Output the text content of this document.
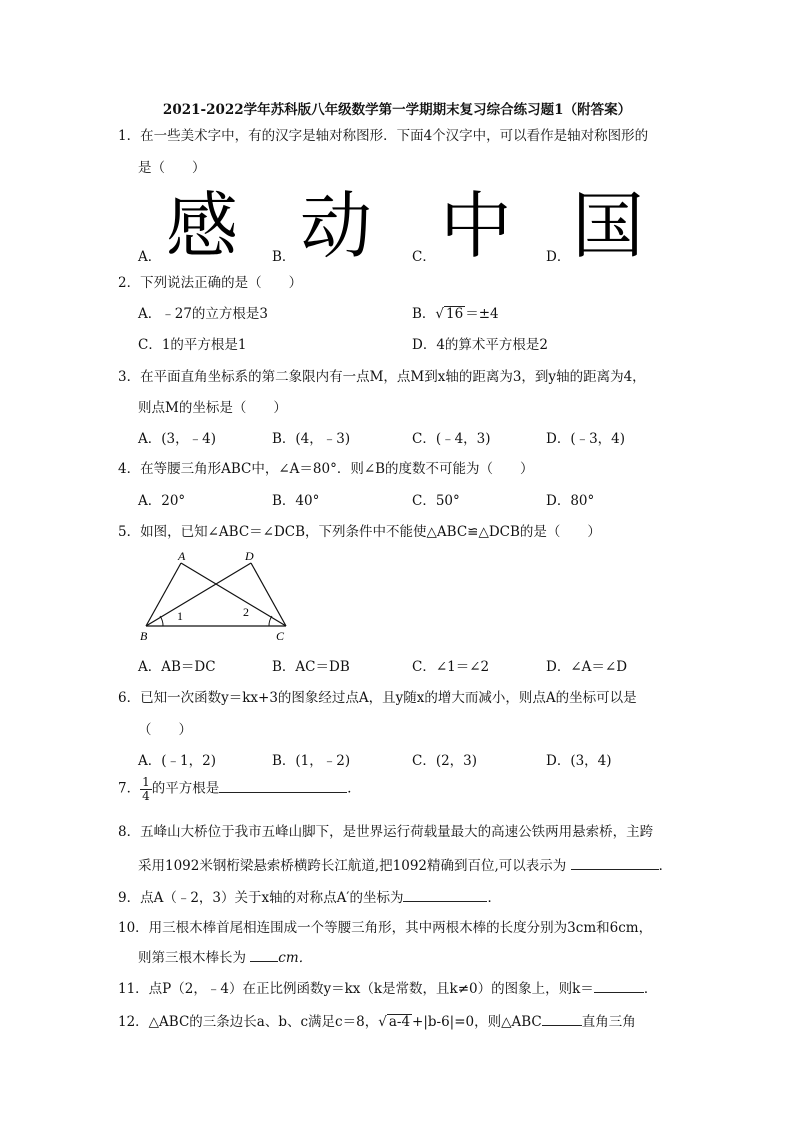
2021-2022学年苏科版八年级数学第一学期期末复习综合练习题1（附答案）
1．在一些美术字中，有的汉字是轴对称图形．下面4个汉字中，可以看作是轴对称图形的
是（　　）
A． 感	B． 动	C． 中	D． 国
2．下列说法正确的是（　　）
A．﹣27的立方根是3	B．√ 16 ＝±4
C．1的平方根是1	D．4的算术平方根是2
3．在平面直角坐标系的第二象限内有一点M，点M到x轴的距离为3，到y轴的距离为4，
则点M的坐标是（　　）
A．(3，﹣4)	B．(4，﹣3)	C．(﹣4，3)	D．(﹣3，4)
4．在等腰三角形ABC中，∠A＝80°．则∠B的度数不可能为（　　）
A．20°	B．40°	C．50°	D．80°
5．如图，已知∠ABC＝∠DCB，下列条件中不能使△ABC≌△DCB的是（　　）
A	D
B	C
1	2
A．AB＝DC	B．AC＝DB	C．∠1＝∠2	D．∠A＝∠D
6．已知一次函数y＝kx+3的图象经过点A，且y随x的增大而减小，则点A的坐标可以是
（　　）
A．(﹣1，2)	B．(1，﹣2)	C．(2，3)	D．(3，4)
7． $\frac{1}{4}$ 的平方根是	．
8．五峰山大桥位于我市五峰山脚下，是世界运行荷载量最大的高速公铁两用悬索桥，主跨
采用1092米钢桁梁悬索桥横跨长江航道,把1092精确到百位,可以表示为	．
9．点A（﹣2，3）关于x轴的对称点A′的坐标为	．
10．用三根木棒首尾相连围成一个等腰三角形，其中两根木棒的长度分别为3cm和6cm，
则第三根木棒长为 cm．
11．点P（2，﹣4）在正比例函数y＝kx（k是常数，且k≠0）的图象上，则k＝	．
12．△ABC的三条边长a、b、c满足c＝8，√ a-4 +|b-6|=0，则△ABC	直角三角
